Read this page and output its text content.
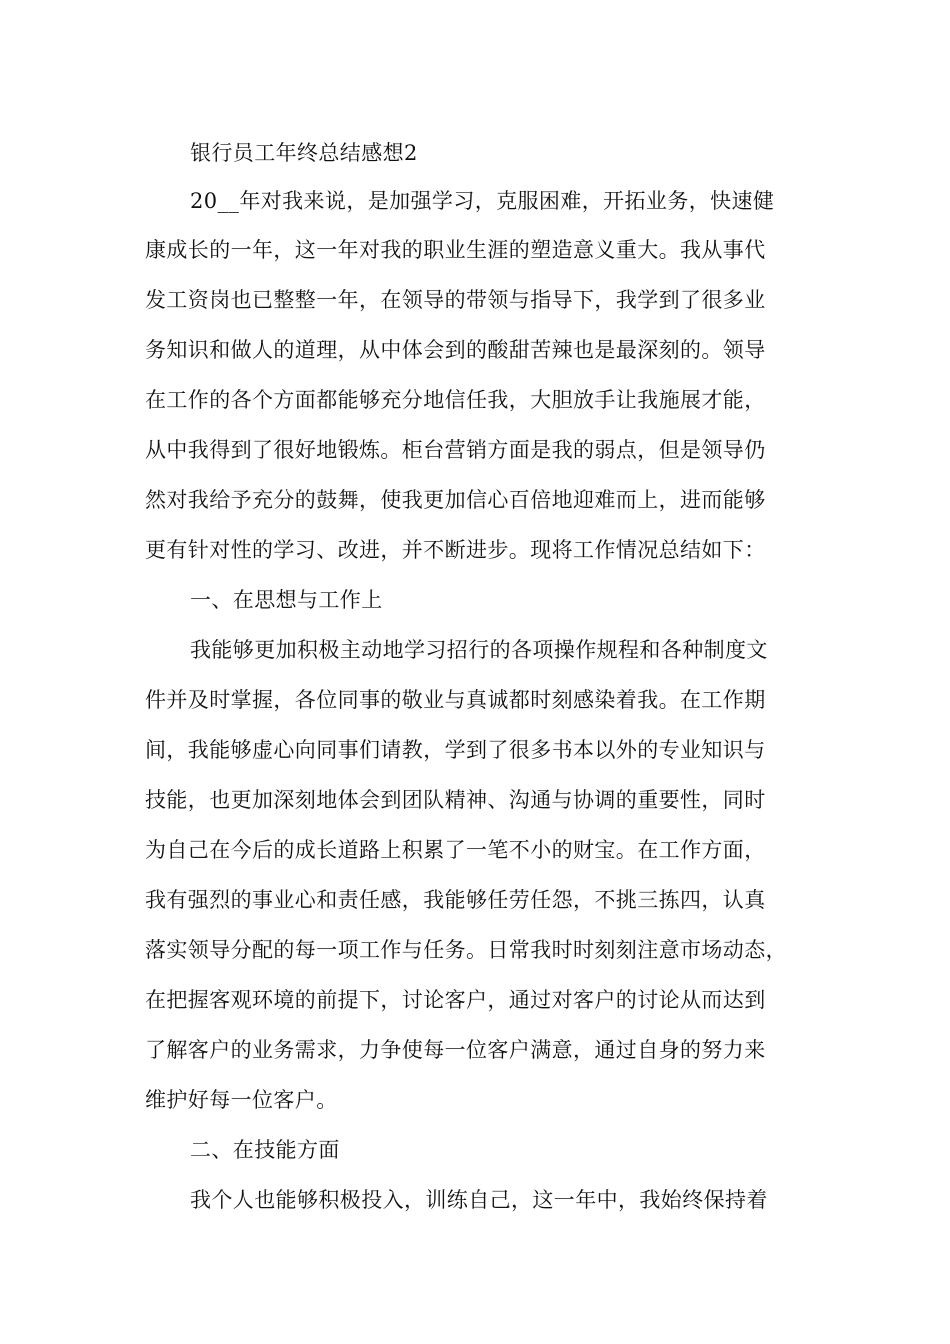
银行员工年终总结感想2
20__年对我来说，是加强学习，克服困难，开拓业务，快速健
康成长的一年，这一年对我的职业生涯的塑造意义重大。我从事代
发工资岗也已整整一年，在领导的带领与指导下，我学到了很多业
务知识和做人的道理，从中体会到的酸甜苦辣也是最深刻的。领导
在工作的各个方面都能够充分地信任我，大胆放手让我施展才能，
从中我得到了很好地锻炼。柜台营销方面是我的弱点，但是领导仍
然对我给予充分的鼓舞，使我更加信心百倍地迎难而上，进而能够
更有针对性的学习、改进，并不断进步。现将工作情况总结如下：
一、在思想与工作上
我能够更加积极主动地学习招行的各项操作规程和各种制度文
件并及时掌握，各位同事的敬业与真诚都时刻感染着我。在工作期
间，我能够虚心向同事们请教，学到了很多书本以外的专业知识与
技能，也更加深刻地体会到团队精神、沟通与协调的重要性，同时
为自己在今后的成长道路上积累了一笔不小的财宝。在工作方面，
我有强烈的事业心和责任感，我能够任劳任怨，不挑三拣四，认真
落实领导分配的每一项工作与任务。日常我时时刻刻注意市场动态，
在把握客观环境的前提下，讨论客户，通过对客户的讨论从而达到
了解客户的业务需求，力争使每一位客户满意，通过自身的努力来
维护好每一位客户。
二、在技能方面
我个人也能够积极投入，训练自己，这一年中，我始终保持着
